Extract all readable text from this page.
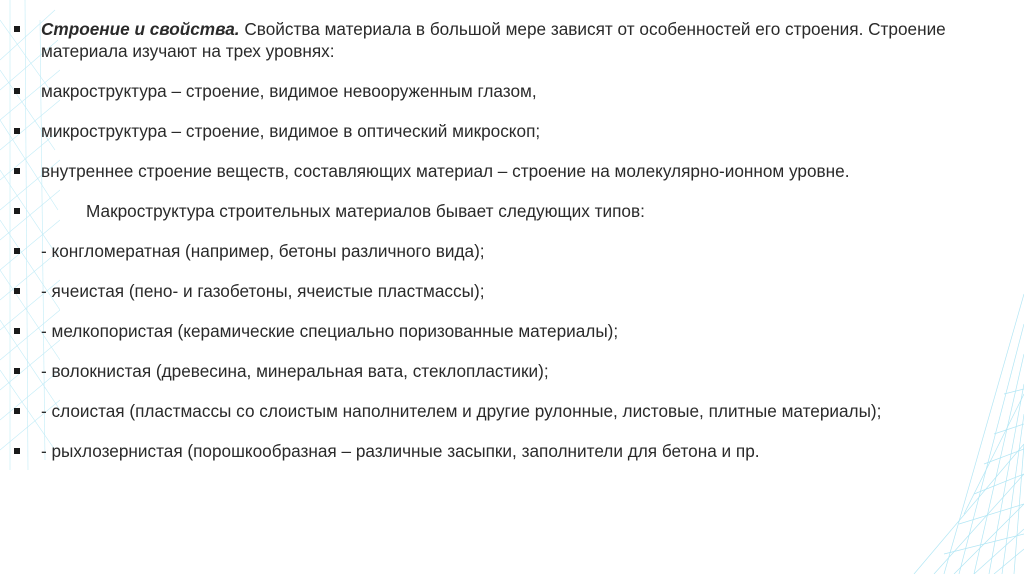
Строение и свойства. Свойства материала в большой мере зависят от особенностей его строения. Строение материала изучают на трех уровнях:
макроструктура – строение, видимое невооруженным глазом,
микроструктура – строение, видимое в оптический микроскоп;
внутреннее строение веществ, составляющих материал – строение на молекулярно-ионном уровне.
Макроструктура строительных материалов бывает следующих типов:
- конгломератная (например, бетоны различного вида);
- ячеистая (пено- и газобетоны, ячеистые пластмассы);
- мелкопористая (керамические специально поризованные материалы);
- волокнистая (древесина, минеральная вата, стеклопластики);
- слоистая (пластмассы со слоистым наполнителем и другие рулонные, листовые, плитные материалы);
- рыхлозернистая (порошкообразная – различные засыпки, заполнители для бетона и пр.
